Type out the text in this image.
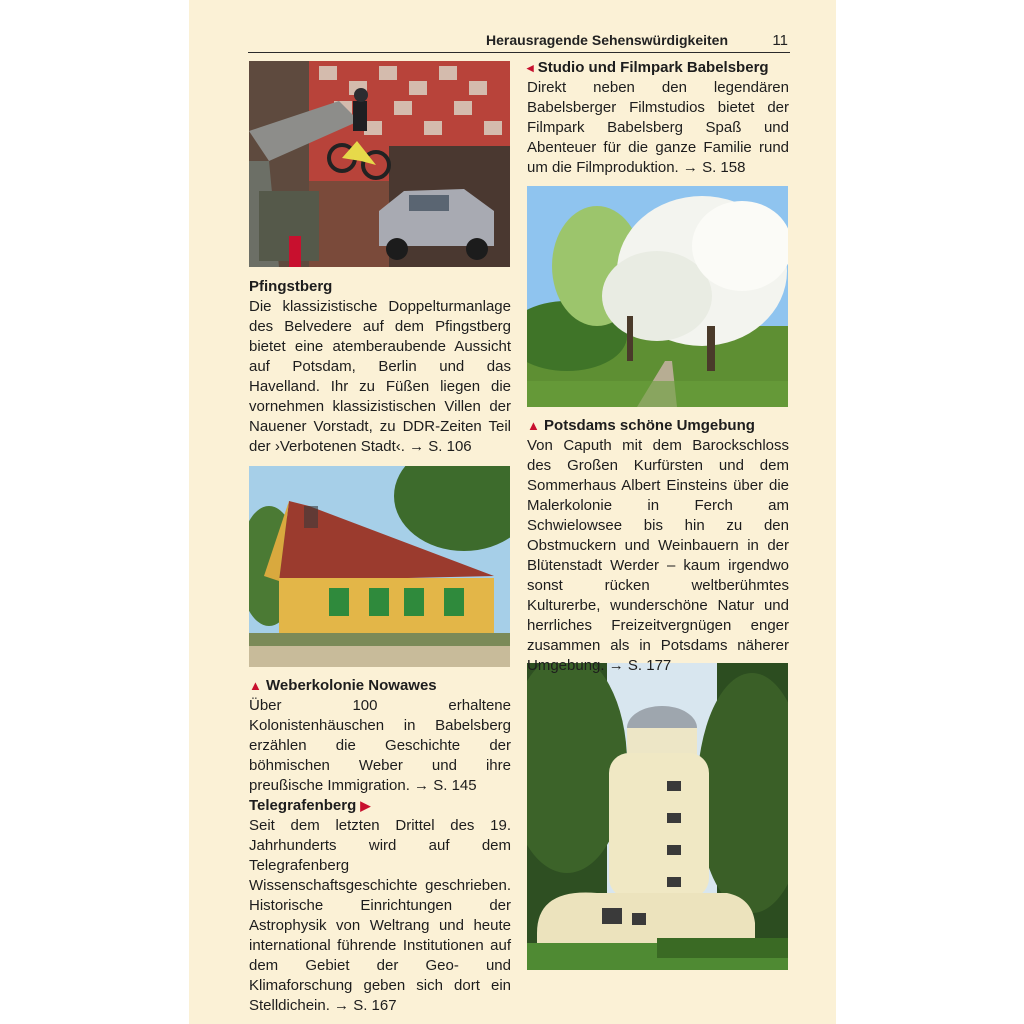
Herausragende Sehenswürdigkeiten	11
◂ Studio und Filmpark Babelsberg

Direkt neben den legendären Babelsberger Filmstudios bietet der Filmpark Babelsberg Spaß und Abenteuer für die ganze Familie rund um die Filmproduktion. → S. 158

Pfingstberg

Die klassizistische Doppelturmanlage des Belvedere auf dem Pfingstberg bietet eine atemberaubende Aussicht auf Potsdam, Berlin und das Havelland. Ihr zu Füßen liegen die vornehmen klassizistischen Villen der Nauener Vorstadt, zu DDR-Zeiten Teil der ›Verbotenen Stadt‹. → S. 106

▲ Potsdams schöne Umgebung

Von Caputh mit dem Barockschloss des Großen Kurfürsten und dem Sommerhaus Albert Einsteins über die Malerkolonie in Ferch am Schwielowsee bis hin zu den Obstmuckern und Weinbauern in der Blütenstadt Werder – kaum irgendwo sonst rücken weltberühmtes Kulturerbe, wunderschöne Natur und herrliches Freizeitvergnügen enger zusammen als in Potsdams näherer Umgebung. → S. 177

▲ Weberkolonie Nowawes

Über 100 erhaltene Kolonistenhäuschen in Babelsberg erzählen die Geschichte der böhmischen Weber und ihre preußische Immigration. → S. 145

Telegrafenberg ▶

Seit dem letzten Drittel des 19. Jahrhunderts wird auf dem Telegrafenberg Wissenschaftsgeschichte geschrieben. Historische Einrichtungen der Astrophysik von Weltrang und heute international führende Institutionen auf dem Gebiet der Geo- und Klimaforschung geben sich dort ein Stelldichein. → S. 167
